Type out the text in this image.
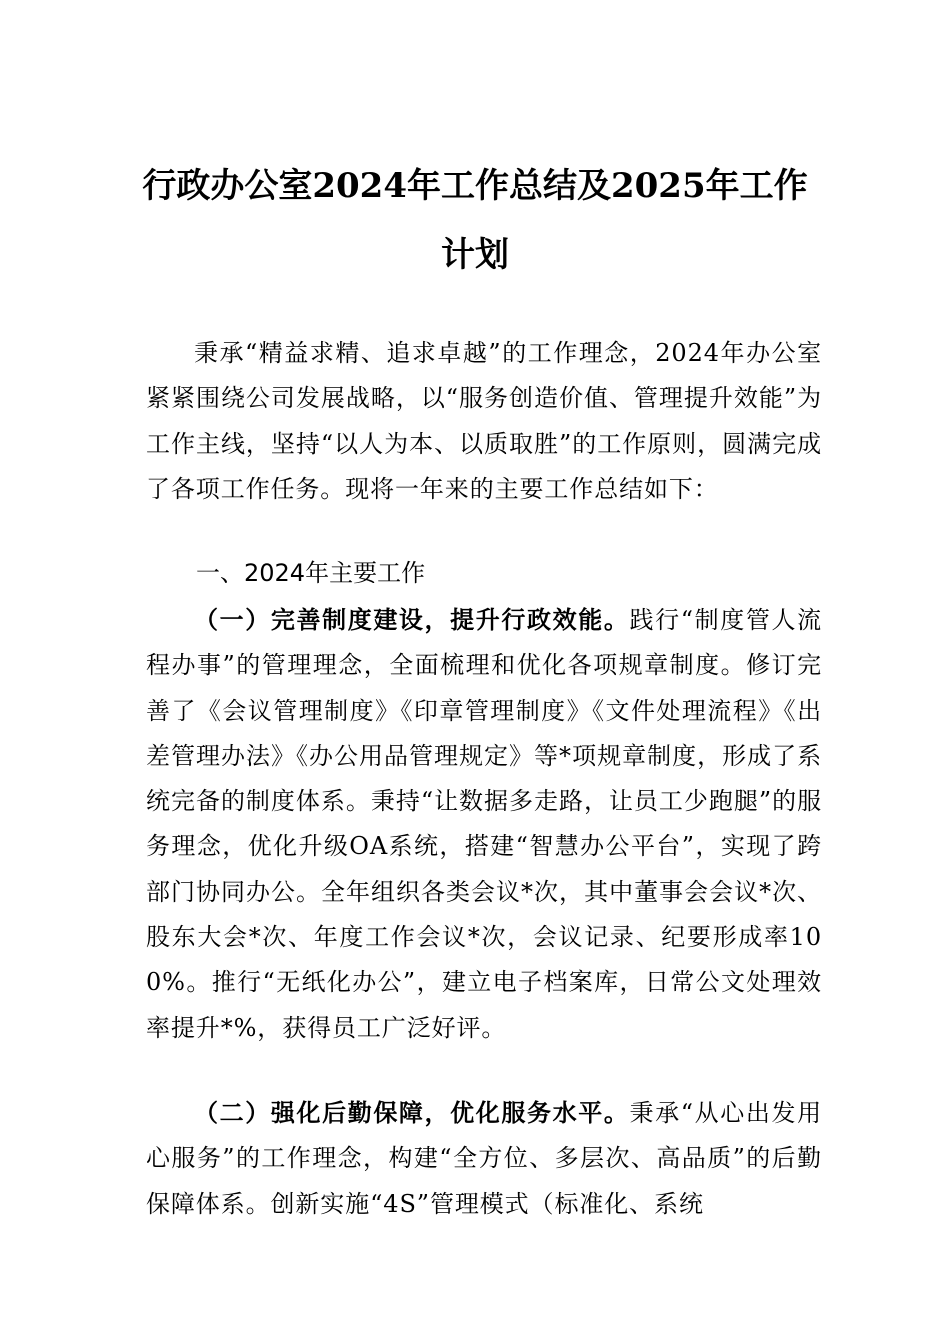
行政办公室2024年工作总结及2025年工作
计划

秉承“精益求精、追求卓越”的工作理念，2024年办公室紧紧围绕公司发展战略，以“服务创造价值、管理提升效能”为工作主线，坚持“以人为本、以质取胜”的工作原则，圆满完成了各项工作任务。现将一年来的主要工作总结如下：

一、2024年主要工作

（一）完善制度建设，提升行政效能。践行“制度管人流程办事”的管理理念，全面梳理和优化各项规章制度。修订完善了《会议管理制度》《印章管理制度》《文件处理流程》《出差管理办法》《办公用品管理规定》等*项规章制度，形成了系统完备的制度体系。秉持“让数据多走路，让员工少跑腿”的服务理念，优化升级OA系统，搭建“智慧办公平台”，实现了跨部门协同办公。全年组织各类会议*次，其中董事会会议*次、股东大会*次、年度工作会议*次，会议记录、纪要形成率100%。推行“无纸化办公”，建立电子档案库，日常公文处理效率提升*%，获得员工广泛好评。

（二）强化后勤保障，优化服务水平。秉承“从心出发用心服务”的工作理念，构建“全方位、多层次、高品质”的后勤保障体系。创新实施“4S”管理模式（标准化、系统
